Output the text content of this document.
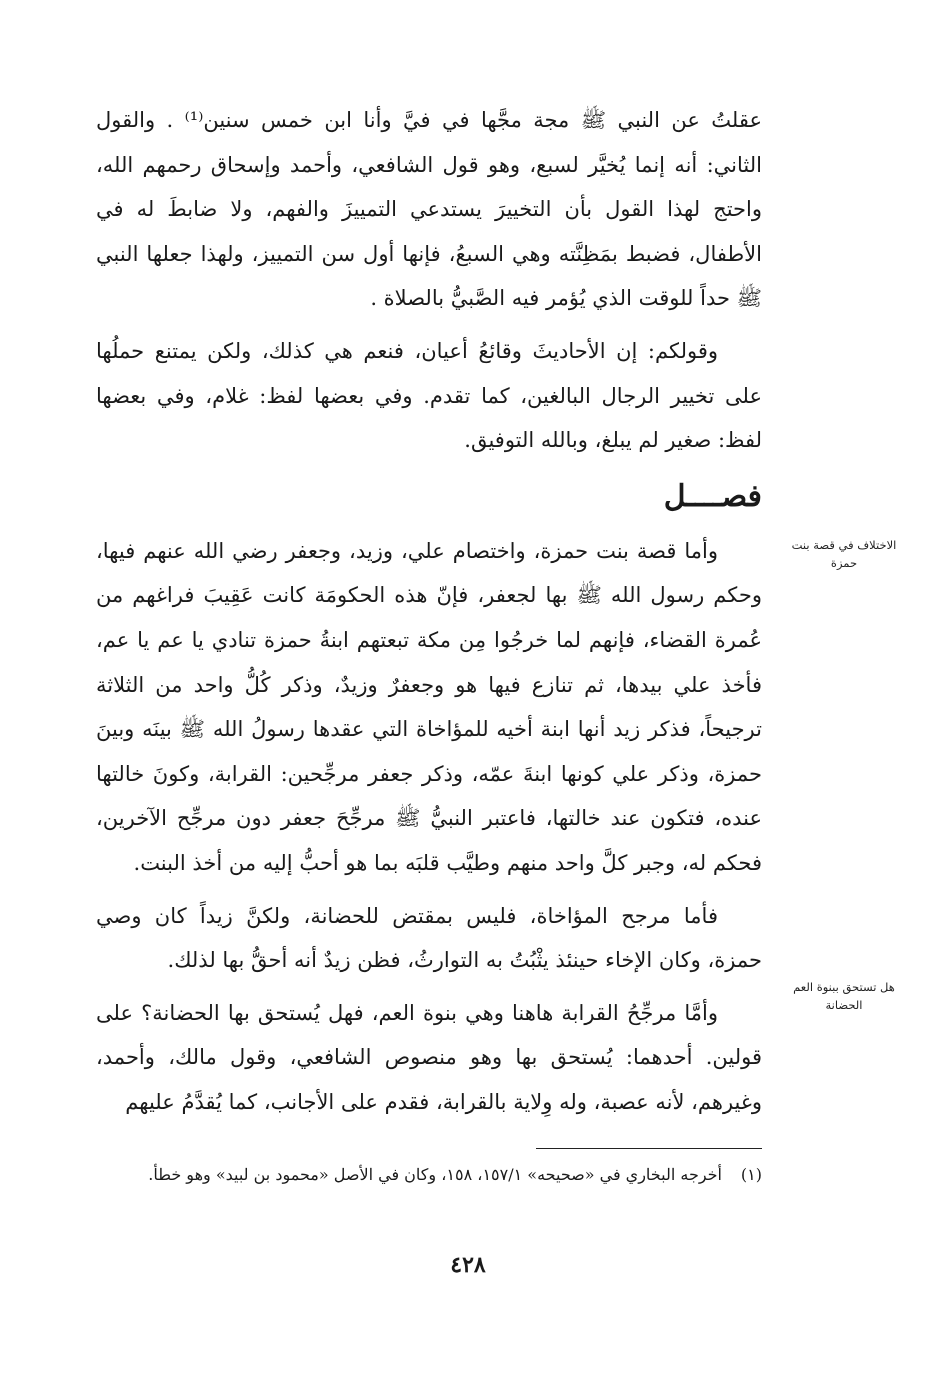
عقلتُ عن النبي ﷺ مجة مجَّها في فيَّ وأنا ابن خمس سنين⁽¹⁾ . والقول الثاني: أنه إنما يُخيَّر لسبع، وهو قول الشافعي، وأحمد وإسحاق رحمهم الله، واحتج لهذا القول بأن التخييرَ يستدعي التمييزَ والفهم، ولا ضابطَ له في الأطفال، فضبط بمَظِنَّته وهي السبعُ، فإنها أول سن التمييز، ولهذا جعلها النبي ﷺ حداً للوقت الذي يُؤمر فيه الصَّبيُّ بالصلاة .

وقولكم: إن الأحاديثَ وقائعُ أعيان، فنعم هي كذلك، ولكن يمتنع حملُها على تخيير الرجال البالغين، كما تقدم. وفي بعضها لفظ: غلام، وفي بعضها لفظ: صغير لم يبلغ، وبالله التوفيق.

فصــــل

وأما قصة بنت حمزة، واختصام علي، وزيد، وجعفر رضي الله عنهم فيها، وحكم رسول الله ﷺ بها لجعفر، فإنّ هذه الحكومَة كانت عَقِيبَ فراغهم من عُمرة القضاء، فإنهم لما خرجُوا مِن مكة تبعتهم ابنةُ حمزة تنادي يا عم يا عم، فأخذ علي بيدها، ثم تنازع فيها هو وجعفرٌ وزيدٌ، وذكر كُلُّ واحد من الثلاثة ترجيحاً، فذكر زيد أنها ابنة أخيه للمؤاخاة التي عقدها رسولُ الله ﷺ بينَه وبينَ حمزة، وذكر علي كونها ابنةَ عمّه، وذكر جعفر مرجِّحين: القرابة، وكونَ خالتها عنده، فتكون عند خالتها، فاعتبر النبيُّ ﷺ مرجِّحَ جعفر دون مرجِّح الآخرين، فحكم له، وجبر كلَّ واحد منهم وطيَّب قلبَه بما هو أحبُّ إليه من أخذ البنت.

فأما مرجح المؤاخاة، فليس بمقتض للحضانة، ولكنَّ زيداً كان وصي حمزة، وكان الإخاء حينئذ يثْبُتُ به التوارثُ، فظن زيدٌ أنه أحقُّ بها لذلك.

وأمَّا مرجِّحُ القرابة هاهنا وهي بنوة العم، فهل يُستحق بها الحضانة؟ على قولين. أحدهما: يُستحق بها وهو منصوص الشافعي، وقول مالك، وأحمد، وغيرهم، لأنه عصبة، وله وِلاية بالقرابة، فقدم على الأجانب، كما يُقدَّمُ عليهم

الاختلاف في قصة بنت حمزة
هل تستحق ببنوة العم الحضانة
(١)
أخرجه البخاري في «صحيحه» ١٥٧/١، ١٥٨، وكان في الأصل «محمود بن لبيد» وهو خطأ.
٤٢٨
